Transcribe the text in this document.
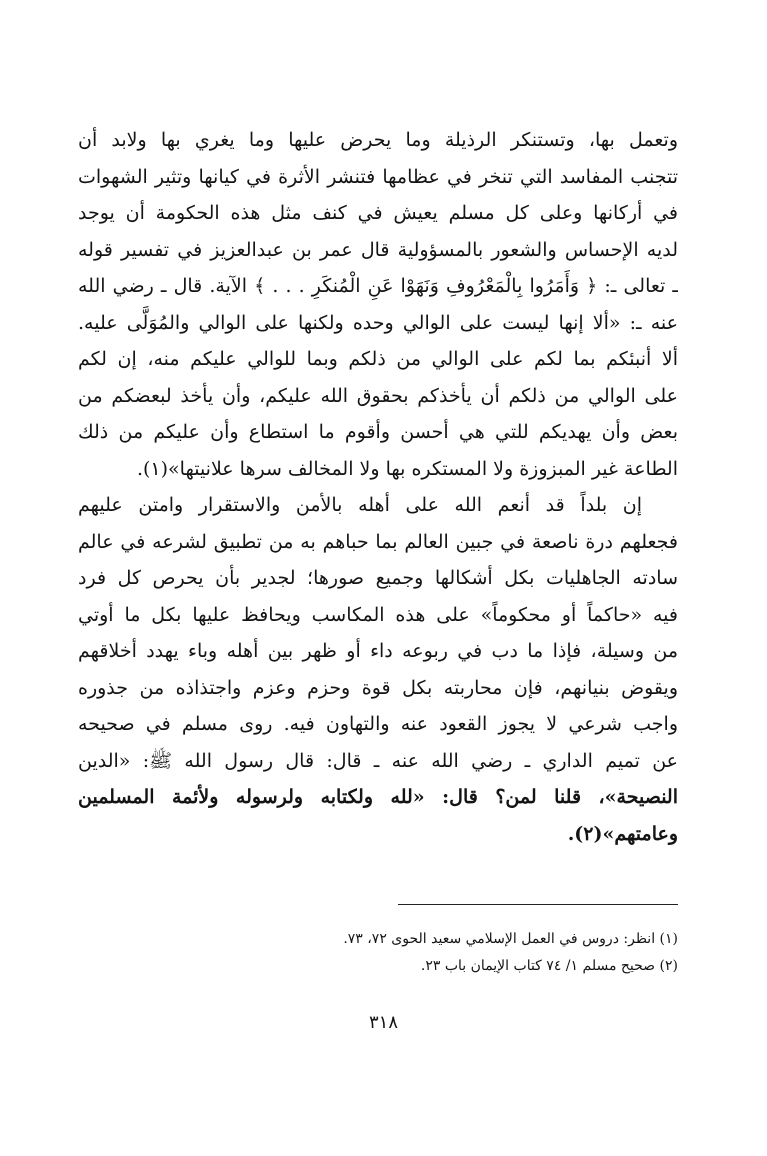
وتعمل بها، وتستنكر الرذيلة وما يحرض عليها وما يغري بها ولابد أن
تتجنب المفاسد التي تنخر في عظامها فتنشر الأثرة في كيانها وتثير الشهوات
في أركانها وعلى كل مسلم يعيش في كنف مثل هذه الحكومة أن يوجد
لديه الإحساس والشعور بالمسؤولية قال عمر بن عبدالعزيز في تفسير قوله
ـ تعالى ـ: ﴿ وَأَمَرُوا بِالْمَعْرُوفِ وَنَهَوْا عَنِ الْمُنكَرِ . . . ﴾ الآية. قال ـ رضي الله
عنه ـ: «ألا إنها ليست على الوالي وحده ولكنها على الوالي والمُوَلَّى عليه.
ألا أنبئكم بما لكم على الوالي من ذلكم وبما للوالي عليكم منه، إن لكم
على الوالي من ذلكم أن يأخذكم بحقوق الله عليكم، وأن يأخذ لبعضكم من
بعض وأن يهديكم للتي هي أحسن وأقوم ما استطاع وأن عليكم من ذلك
الطاعة غير المبزوزة ولا المستكره بها ولا المخالف سرها علانيتها»(١).
إن بلداً قد أنعم الله على أهله بالأمن والاستقرار وامتن عليهم
فجعلهم درة ناصعة في جبين العالم بما حباهم به من تطبيق لشرعه في عالم
سادته الجاهليات بكل أشكالها وجميع صورها؛ لجدير بأن يحرص كل فرد
فيه «حاكماً أو محكوماً» على هذه المكاسب ويحافظ عليها بكل ما أوتي
من وسيلة، فإذا ما دب في ربوعه داء أو ظهر بين أهله وباء يهدد أخلاقهم
ويقوض بنيانهم، فإن محاربته بكل قوة وحزم وعزم واجتذاذه من جذوره
واجب شرعي لا يجوز القعود عنه والتهاون فيه. روى مسلم في صحيحه
عن تميم الداري ـ رضي الله عنه ـ قال: قال رسول الله ﷺ: «الدين
النصيحة»، قلنا لمن؟ قال: «لله ولكتابه ولرسوله ولأئمة المسلمين
وعامتهم»(٢).
(١) انظر: دروس في العمل الإسلامي سعيد الحوى ٧٢، ٧٣.
(٢) صحيح مسلم ١/ ٧٤ كتاب الإيمان باب ٢٣.
٣١٨
